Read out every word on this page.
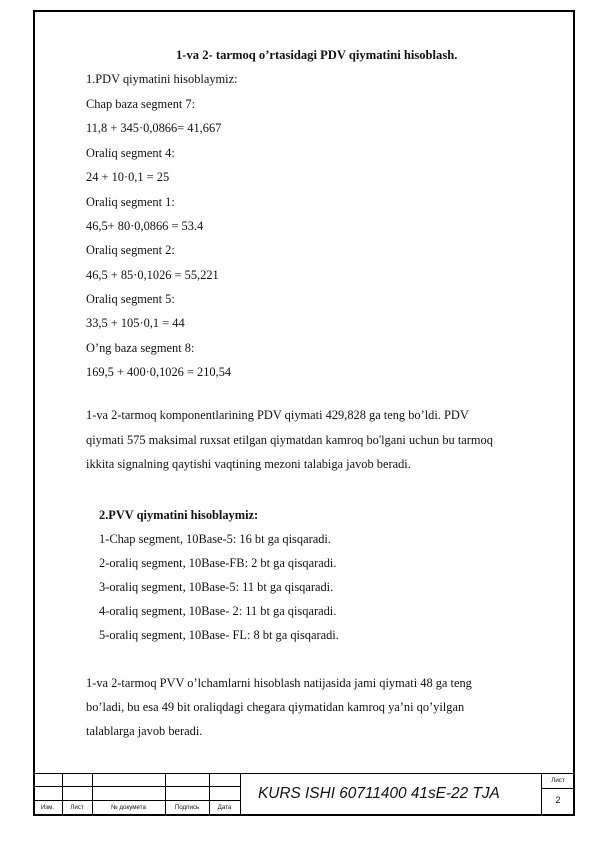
1-va 2- tarmoq o’rtasidagi PDV qiymatini hisoblash.
1.PDV qiymatini hisoblaymiz:
Chap baza segment 7:
11,8 + 345·0,0866= 41,667
Oraliq segment 4:
24 + 10·0,1 = 25
Oraliq segment 1:
46,5+ 80·0,0866 = 53.4
Oraliq segment 2:
46,5 + 85·0,1026 = 55,221
Oraliq segment 5:
33,5 + 105·0,1 = 44
O’ng baza segment 8:
169,5 + 400·0,1026 = 210,54
1-va 2-tarmoq komponentlarining PDV qiymati 429,828 ga teng bo’ldi. PDV
qiymati 575 maksimal ruxsat etilgan qiymatdan kamroq bo'lgani uchun bu tarmoq
ikkita signalning qaytishi vaqtining mezoni talabiga javob beradi.
2.PVV qiymatini hisoblaymiz:
1-Chap segment, 10Base-5: 16 bt ga qisqaradi.
2-oraliq segment, 10Base-FB: 2 bt ga qisqaradi.
3-oraliq segment, 10Base-5: 11 bt ga qisqaradi.
4-oraliq segment, 10Base- 2: 11 bt ga qisqaradi.
5-oraliq segment, 10Base- FL: 8 bt ga qisqaradi.
1-va 2-tarmoq PVV o’lchamlarni hisoblash natijasida jami qiymati 48 ga teng
bo’ladi, bu esa 49 bit oraliqdagi chegara qiymatidan kamroq ya’ni qo’yilgan
talablarga javob beradi.
Изм.	Лист	№ докумета	Подпись	Дата
Лист
2
KURS ISHI 60711400 41sE-22 TJA
